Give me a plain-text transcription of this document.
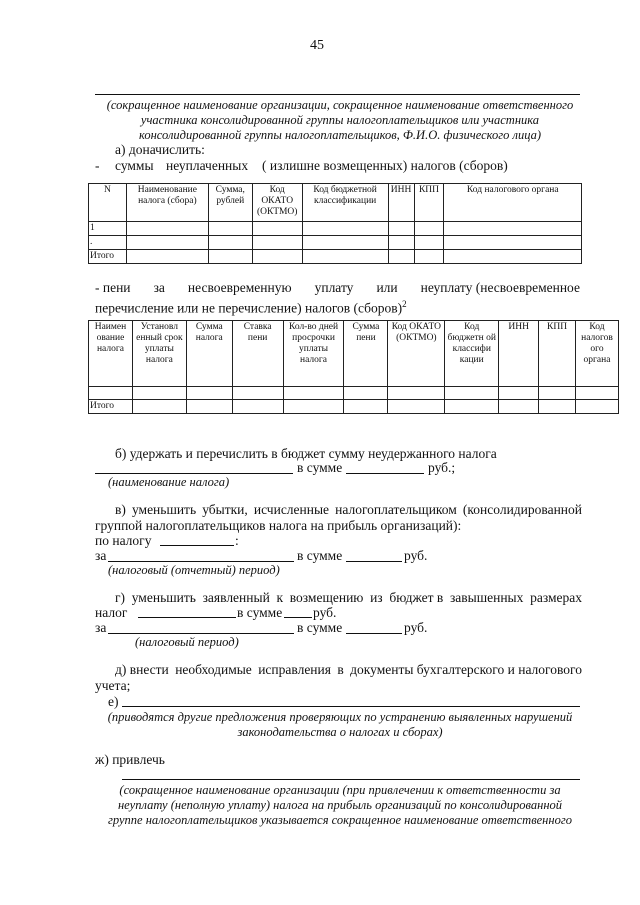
45
(сокращенное наименование организации, сокращенное наименование ответственного
участника консолидированной группы налогоплательщиков или участника
консолидированной группы налогоплательщиков, Ф.И.О. физического лица)
а) доначислить:
- суммы неуплаченных ( излишне возмещенных) налогов (сборов)
N	Наименование налога (сбора)	Сумма, рублей	Код ОКАТО (ОКТМО)	Код бюджетной классификации	ИНН	КПП	Код налогового органа
1							
.							
Итого							
- пени за несвоевременную уплату или неуплату (несвоевременное
перечисление или не перечисление) налогов (сборов)$^2$
Наимен ование налога	Установл енный срок уплаты налога	Сумма налога	Ставка пени	Кол-во дней просрочки уплаты налога	Сумма пени	Код ОКАТО (ОКТМО)	Код бюджетн ой классифи кации	ИНН	КПП	Код налогов ого органа

Итого										
б) удержать и перечислить в бюджет сумму неудержанного налога
в сумме	руб.;
(наименование налога)
в) уменьшить убытки, исчисленные налогоплательщиком (консолидированной
группой налогоплательщиков налога на прибыль организаций):
по налогу	:
за	в сумме	руб.
(налоговый (отчетный) период)
г) уменьшить заявленный к возмещению из бюджет в завышенных размерах
налог	в сумме руб.
за	в сумме	руб.
(налоговый период)
д) внести необходимые исправления в документы бухгалтерского и налогового
учета;
е)
(приводятся другие предложения проверяющих по устранению выявленных нарушений
законодательства о налогах и сборах)
ж) привлечь
(сокращенное наименование организации (при привлечении к ответственности за
неуплату (неполную уплату) налога на прибыль организаций по консолидированной
группе налогоплательщиков указывается сокращенное наименование ответственного
